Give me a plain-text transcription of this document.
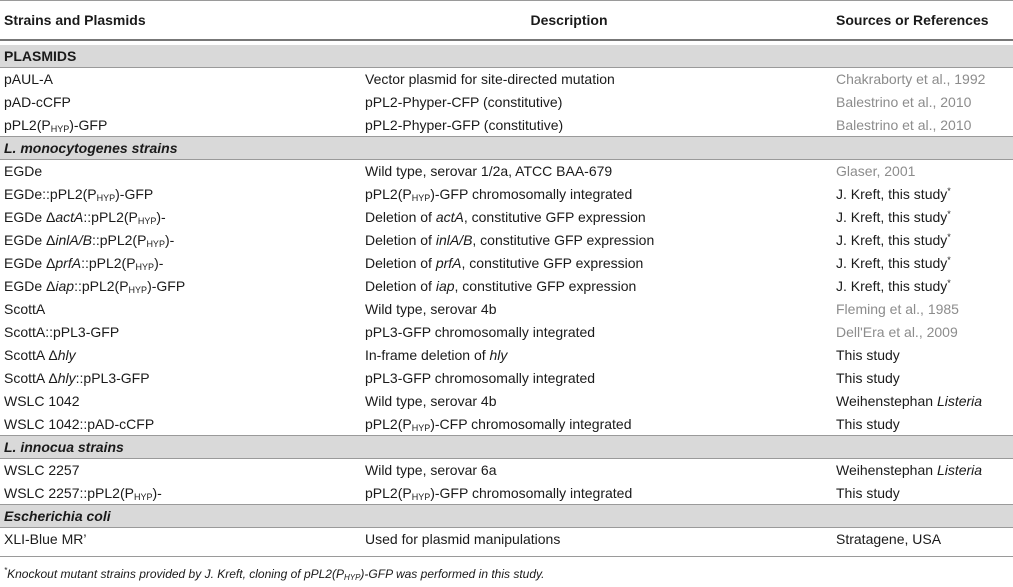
Strains and Plasmids	Description	Sources or References

PLASMIDS		
pAUL-A	Vector plasmid for site-directed mutation	Chakraborty et al., 1992
pAD-cCFP	pPL2-Phyper-CFP (constitutive)	Balestrino et al., 2010
$pPL2(P_{HYP})$-GFP	pPL2-Phyper-GFP (constitutive)	Balestrino et al., 2010
L. monocytogenes strains		
EGDe	Wild type, serovar 1/2a, ATCC BAA-679	Glaser, 2001
$EGDe::pPL2(P_{HYP})$-GFP	$pPL2(P_{HYP})$-GFP chromosomally integrated	J. Kreft, this study*
EGDe $\Delta actA::pPL2(P_{HYP})-$	Deletion of actA, constitutive GFP expression	J. Kreft, this study*
EGDe ΔinlA/$B::pPL2(P_{HYP})-$	Deletion of inlA/B, constitutive GFP expression	J. Kreft, this study*
EGDe $\Delta prfA::pPL2(P_{HYP})-$	Deletion of prfA, constitutive GFP expression	J. Kreft, this study*
EGDe $\Delta iap::pPL2(P_{HYP})$-GFP	Deletion of iap, constitutive GFP expression	J. Kreft, this study*
ScottA	Wild type, serovar 4b	Fleming et al., 1985
ScottA::pPL3-GFP	pPL3-GFP chromosomally integrated	Dell'Era et al., 2009
ScottA Δhly	In-frame deletion of hly	This study
ScottA Δhly::pPL3-GFP	pPL3-GFP chromosomally integrated	This study
WSLC 1042	Wild type, serovar 4b	Weihenstephan Listeria
WSLC 1042::pAD-cCFP	$pPL2(P_{HYP})$-CFP chromosomally integrated	This study
L. innocua strains		
WSLC 2257	Wild type, serovar 6a	Weihenstephan Listeria
WSLC $2257::pPL2(P_{HYP})-$	$pPL2(P_{HYP})$-GFP chromosomally integrated	This study
Escherichia coli		
XLI-Blue MR’	Used for plasmid manipulations	Stratagene, USA
*Knockout mutant strains provided by J. Kreft, cloning of $pPL2(P_{HYP})$-GFP was performed in this study.
